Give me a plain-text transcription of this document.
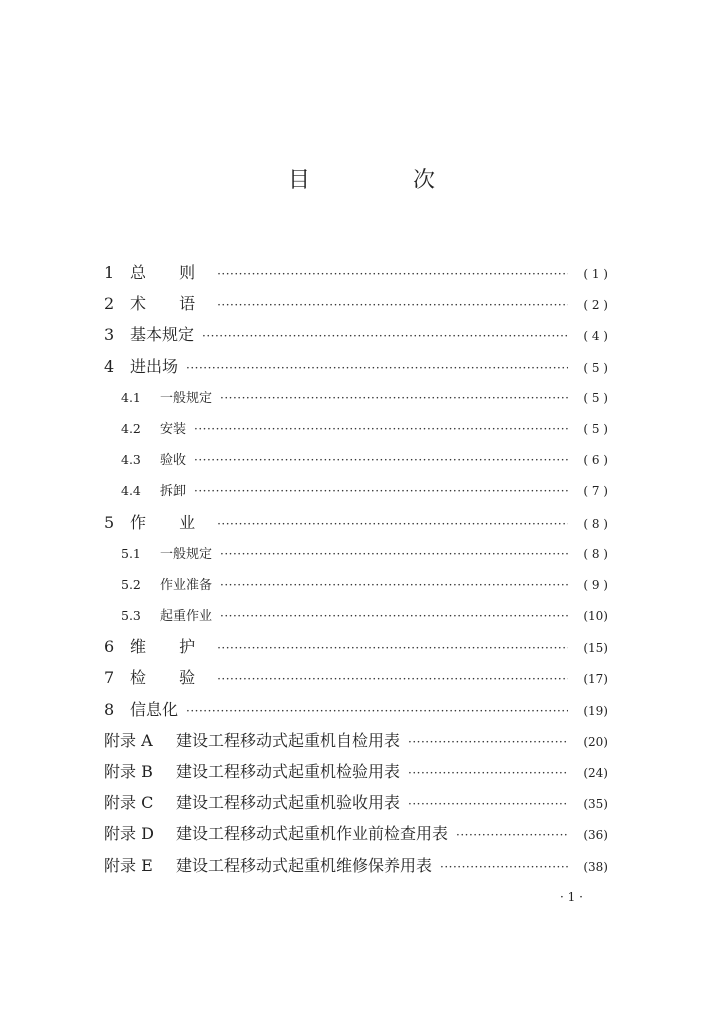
目 次
1 总 则 ·····	( 1 )
2 术 语 ·····	( 2 )
3 基本规定 ·····	( 4 )
4 进出场 ·····	( 5 )
4.1	一般规定 ·····	( 5 )
4.2	安装 ·····	( 5 )
4.3	验收 ·····	( 6 )
4.4	拆卸 ·····	( 7 )
5 作 业 ·····	( 8 )
5.1	一般规定 ·····	( 8 )
5.2	作业准备 ·····	( 9 )
5.3	起重作业 ·····	(10)
6 维 护 ·····	(15)
7 检 验 ·····	(17)
8 信息化 ·····	(19)
附录 A	建设工程移动式起重机自检用表 ·····	(20)
附录 B	建设工程移动式起重机检验用表 ·····	(24)
附录 C	建设工程移动式起重机验收用表 ·····	(35)
附录 D	建设工程移动式起重机作业前检查用表 ·····	(36)
附录 E	建设工程移动式起重机维修保养用表 ·····	(38)
· 1 ·
